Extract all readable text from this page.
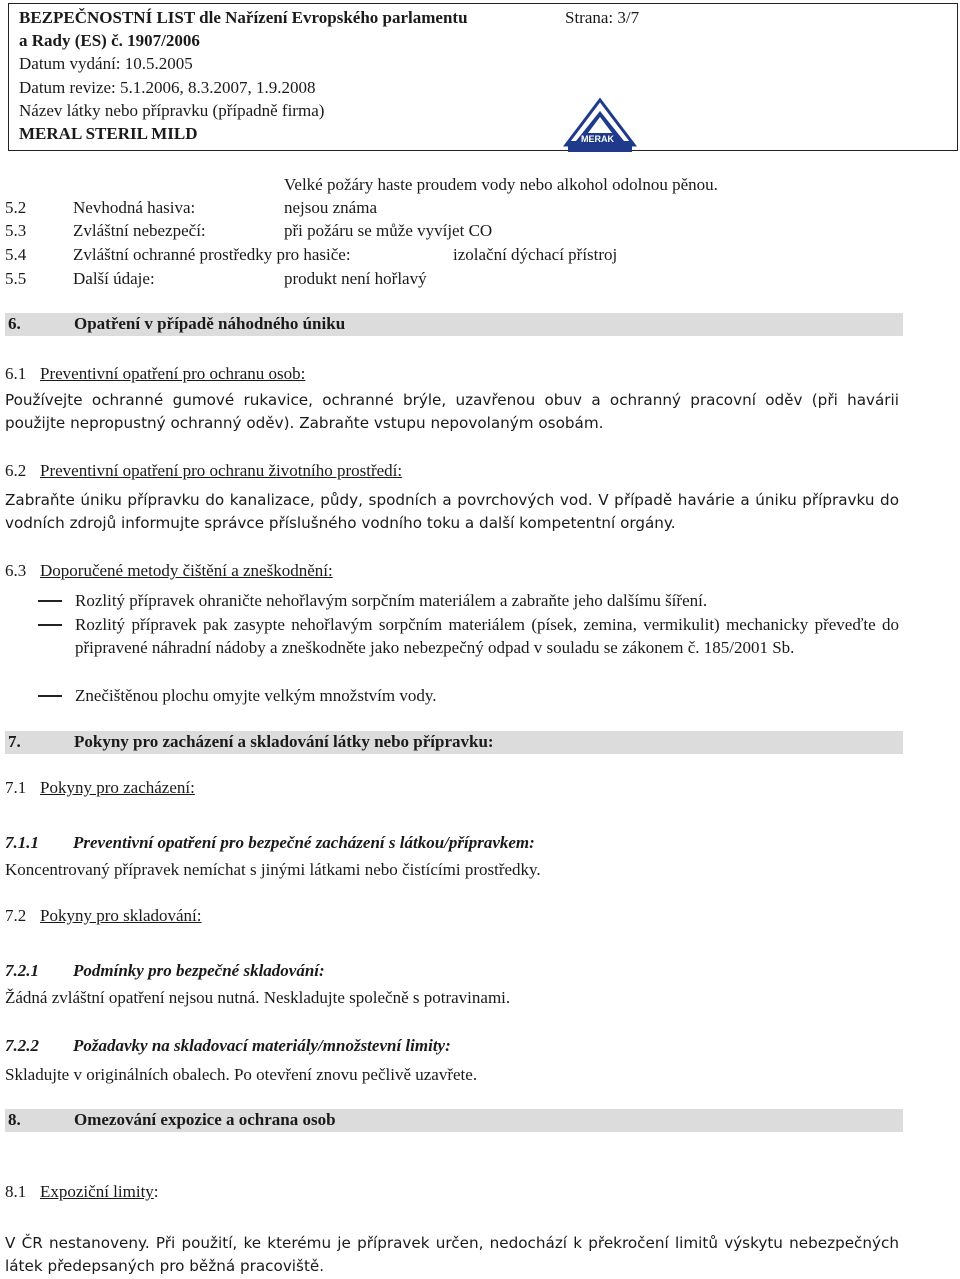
BEZPEČNOSTNÍ LIST dle Nařízení Evropského parlamentu	Strana: 3/7
a Rady (ES) č. 1907/2006
Datum vydání: 10.5.2005
Datum revize: 5.1.2006, 8.3.2007, 1.9.2008
Název látky nebo přípravku (případně firma)
MERAL STERIL MILD	MERAK
Velké požáry haste proudem vody nebo alkohol odolnou pěnou.
5.2	Nevhodná hasiva:	nejsou známa
5.3	Zvláštní nebezpečí:	při požáru se může vyvíjet CO
5.4	Zvláštní ochranné prostředky pro hasiče:	izolační dýchací přístroj
5.5	Další údaje:	produkt není hořlavý
6.	Opatření v případě náhodného úniku
6.1 Preventivní opatření pro ochranu osob:
Používejte ochranné gumové rukavice, ochranné brýle, uzavřenou obuv a ochranný pracovní oděv (při havárii použijte nepropustný ochranný oděv). Zabraňte vstupu nepovolaným osobám.
6.2 Preventivní opatření pro ochranu životního prostředí:
Zabraňte úniku přípravku do kanalizace, půdy, spodních a povrchových vod. V případě havárie a úniku přípravku do vodních zdrojů informujte správce příslušného vodního toku a další kompetentní orgány.
6.3 Doporučené metody čištění a zneškodnění:
Rozlitý přípravek ohraničte nehořlavým sorpčním materiálem a zabraňte jeho dalšímu šíření.
Rozlitý přípravek pak zasypte nehořlavým sorpčním materiálem (písek, zemina, vermikulit) mechanicky převeďte do připravené náhradní nádoby a zneškodněte jako nebezpečný odpad v souladu se zákonem č. 185/2001 Sb.
Znečištěnou plochu omyjte velkým množstvím vody.
7.	Pokyny pro zacházení a skladování látky nebo přípravku:
7.1 Pokyny pro zacházení:
7.1.1 Preventivní opatření pro bezpečné zacházení s látkou/přípravkem:
Koncentrovaný přípravek nemíchat s jinými látkami nebo čistícími prostředky.
7.2 Pokyny pro skladování:
7.2.1 Podmínky pro bezpečné skladování:
Žádná zvláštní opatření nejsou nutná. Neskladujte společně s potravinami.
7.2.2 Požadavky na skladovací materiály/množstevní limity:
Skladujte v originálních obalech. Po otevření znovu pečlivě uzavřete.
8.	Omezování expozice a ochrana osob
8.1 Expoziční limity:
V ČR nestanoveny. Při použití, ke kterému je přípravek určen, nedochází k překročení limitů výskytu nebezpečných látek předepsaných pro běžná pracoviště.
